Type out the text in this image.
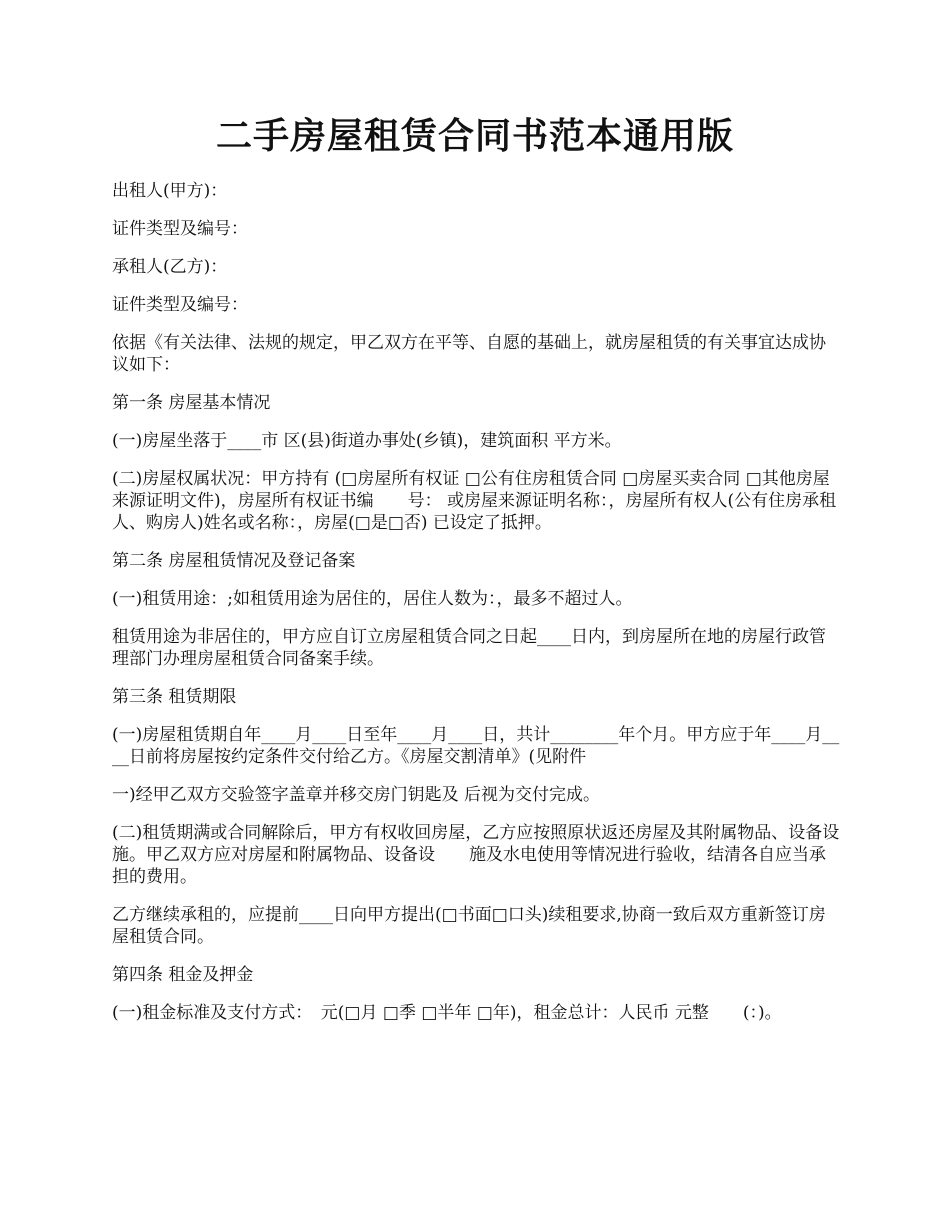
二手房屋租赁合同书范本通用版

出租人(甲方)：

证件类型及编号：

承租人(乙方)：

证件类型及编号：

依据《有关法律、法规的规定，甲乙双方在平等、自愿的基础上，就房屋租赁的有关事宜达成协议如下：

第一条 房屋基本情况

(一)房屋坐落于____市 区(县)街道办事处(乡镇)，建筑面积 平方米。

(二)房屋权属状况：甲方持有 (□房屋所有权证 □公有住房租赁合同 □房屋买卖合同 □其他房屋来源证明文件)，房屋所有权证书编　　号： 或房屋来源证明名称：，房屋所有权人(公有住房承租人、购房人)姓名或名称：，房屋(□是□否) 已设定了抵押。

第二条 房屋租赁情况及登记备案

(一)租赁用途：;如租赁用途为居住的，居住人数为：，最多不超过人。

租赁用途为非居住的，甲方应自订立房屋租赁合同之日起____日内，到房屋所在地的房屋行政管理部门办理房屋租赁合同备案手续。

第三条 租赁期限

(一)房屋租赁期自年____月____日至年____月____日，共计________年个月。甲方应于年____月____日前将房屋按约定条件交付给乙方。《房屋交割清单》(见附件

一)经甲乙双方交验签字盖章并移交房门钥匙及 后视为交付完成。

(二)租赁期满或合同解除后，甲方有权收回房屋，乙方应按照原状返还房屋及其附属物品、设备设施。甲乙双方应对房屋和附属物品、设备设　　施及水电使用等情况进行验收，结清各自应当承担的费用。

乙方继续承租的，应提前____日向甲方提出(□书面□口头)续租要求,协商一致后双方重新签订房屋租赁合同。

第四条 租金及押金

(一)租金标准及支付方式：　元(□月 □季 □半年 □年)，租金总计：人民币 元整　　(：)。
